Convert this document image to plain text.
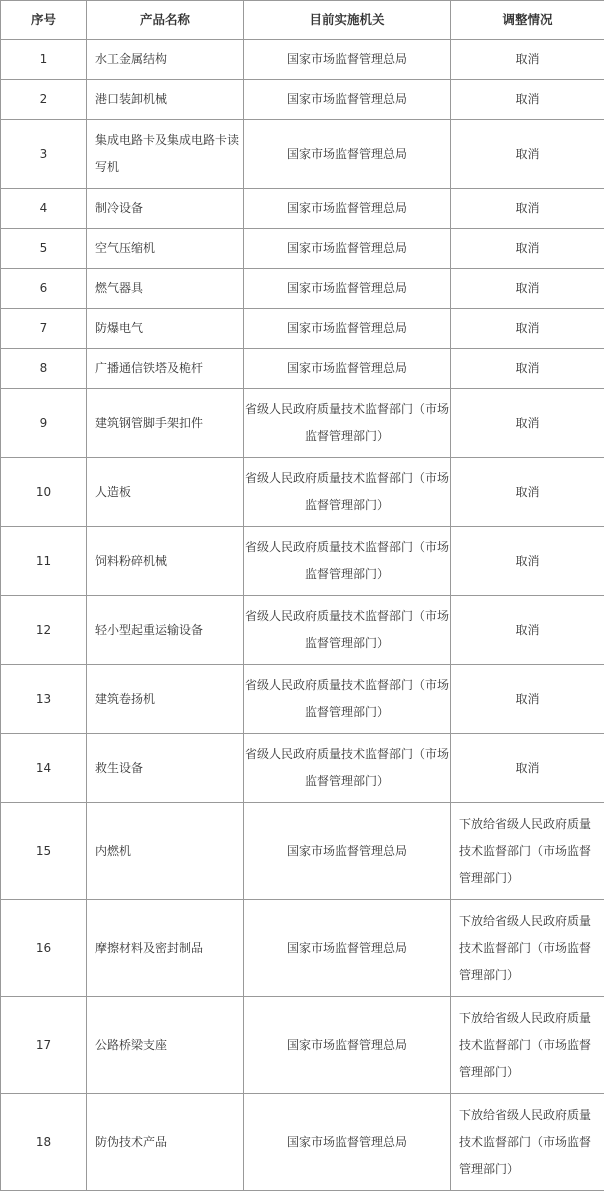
序号	产品名称	目前实施机关	调整情况
1	水工金属结构	国家市场监督管理总局	取消
2	港口装卸机械	国家市场监督管理总局	取消
3	集成电路卡及集成电路卡读写机	国家市场监督管理总局	取消
4	制冷设备	国家市场监督管理总局	取消
5	空气压缩机	国家市场监督管理总局	取消
6	燃气器具	国家市场监督管理总局	取消
7	防爆电气	国家市场监督管理总局	取消
8	广播通信铁塔及桅杆	国家市场监督管理总局	取消
9	建筑钢管脚手架扣件	省级人民政府质量技术监督部门（市场监督管理部门）	取消
10	人造板	省级人民政府质量技术监督部门（市场监督管理部门）	取消
11	饲料粉碎机械	省级人民政府质量技术监督部门（市场监督管理部门）	取消
12	轻小型起重运输设备	省级人民政府质量技术监督部门（市场监督管理部门）	取消
13	建筑卷扬机	省级人民政府质量技术监督部门（市场监督管理部门）	取消
14	救生设备	省级人民政府质量技术监督部门（市场监督管理部门）	取消
15	内燃机	国家市场监督管理总局	下放给省级人民政府质量技术监督部门（市场监督管理部门）
16	摩擦材料及密封制品	国家市场监督管理总局	下放给省级人民政府质量技术监督部门（市场监督管理部门）
17	公路桥梁支座	国家市场监督管理总局	下放给省级人民政府质量技术监督部门（市场监督管理部门）
18	防伪技术产品	国家市场监督管理总局	下放给省级人民政府质量技术监督部门（市场监督管理部门）
